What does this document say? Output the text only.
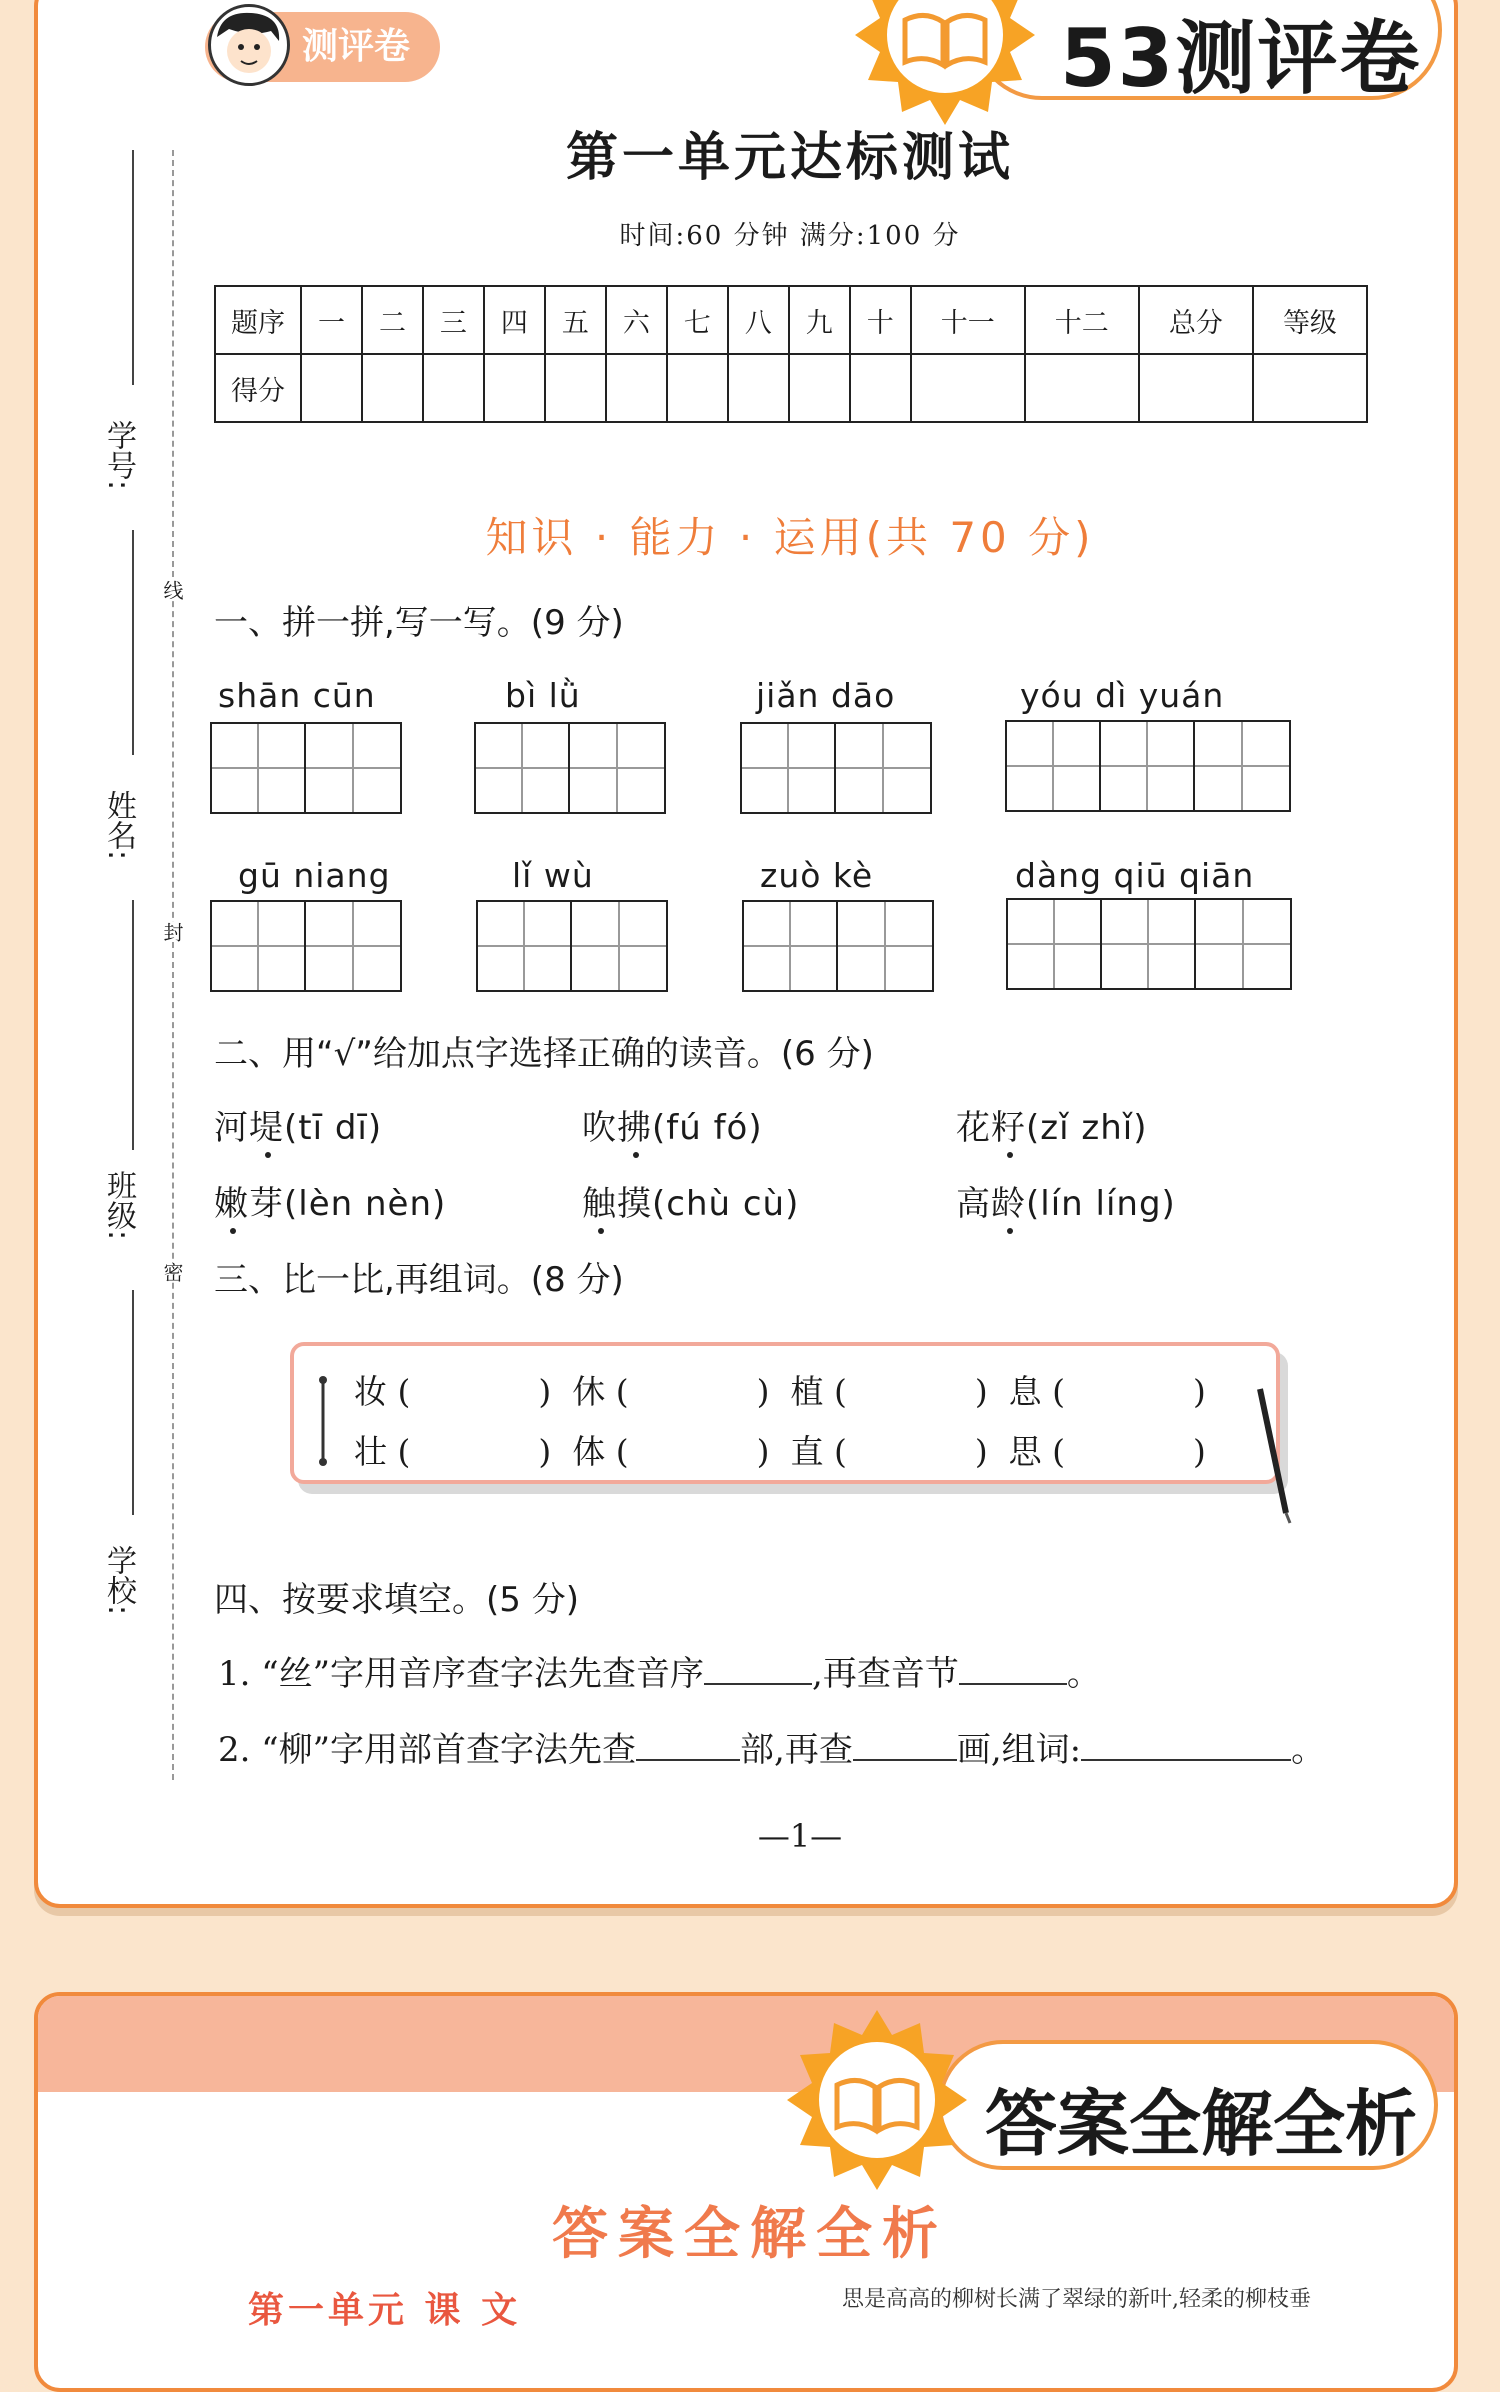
测评卷	53测评卷
第一单元达标测试
时间:60 分钟 满分:100 分
题序	一	二	三	四	五	六	七	八	九	十	十一	十二	总分	等级
得分														
知识 · 能力 · 运用(共 70 分)
一、拼一拼,写一写。(9 分)
shān cūn	bì lǜ	jiǎn dāo	yóu dì yuán
gū niang	lǐ wù	zuò kè	dàng qiū qiān
二、用“√”给加点字选择正确的读音。(6 分)
河堤(tī dī)	吹拂(fú fó)	花籽(zǐ zhǐ)
嫩芽(lèn nèn)	触摸(chù cù)	高龄(lín líng)
三、比一比,再组词。(8 分)
妆 (	)  休 (	)  植 (	)  息 (	)
壮 (	)  体 (	)  直 (	)  思 (	)
四、按要求填空。(5 分)
1. “丝”字用音序查字法先查音序	,再查音节	。
2. “柳”字用部首查字法先查	部,再查	画,组词:	。
学号:
姓名:
班级:
学校:
线
封
密
—1—
答案全解全析
答案全解全析
第一单元 课 文	思是高高的柳树长满了翠绿的新叶,轻柔的柳枝垂
